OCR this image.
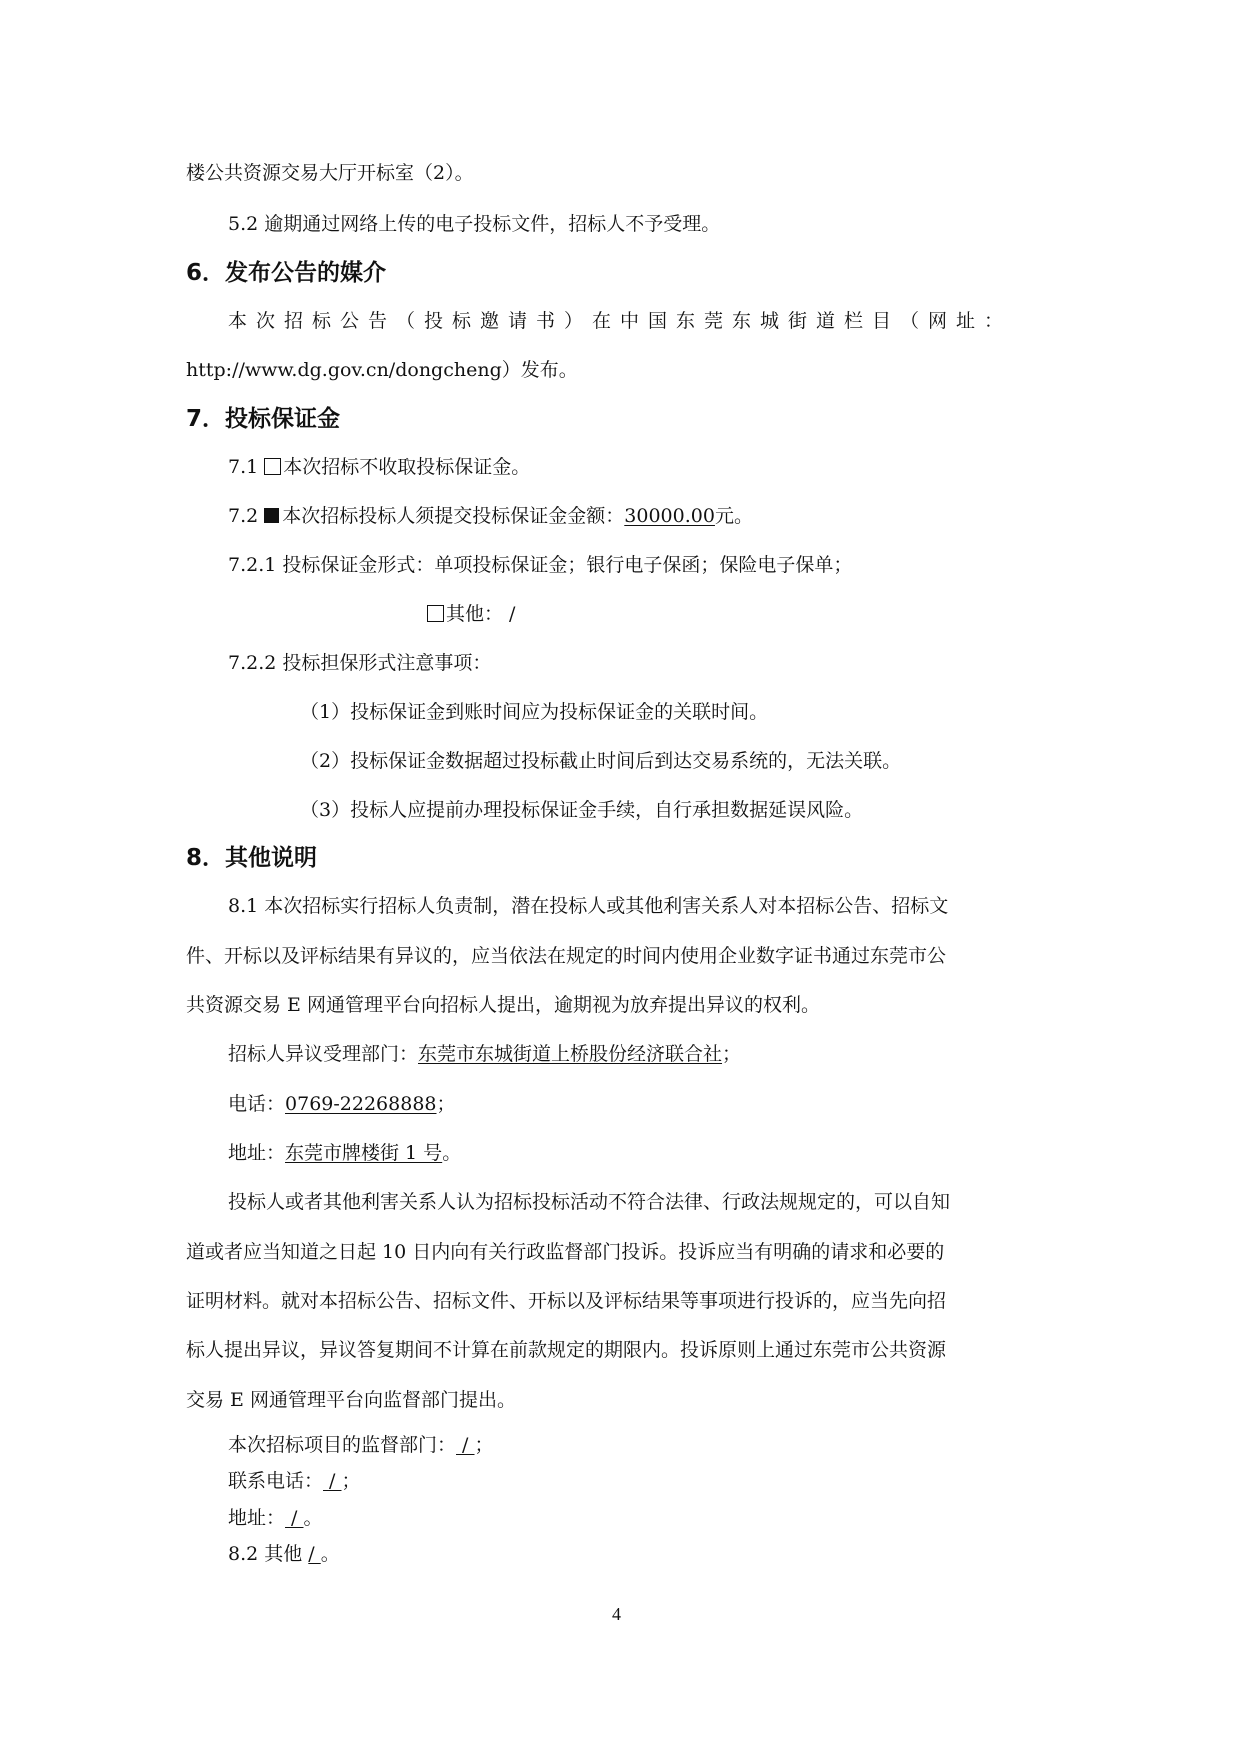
楼公共资源交易大厅开标室（2）。
5.2 逾期通过网络上传的电子投标文件，招标人不予受理。
6．发布公告的媒介
本次招标公告（投标邀请书）在中国东莞东城街道栏目（网址：
http://www.dg.gov.cn/dongcheng）发布。
7．投标保证金
7.1 本次招标不收取投标保证金。
7.2 本次招标投标人须提交投标保证金金额：30000.00元。
7.2.1 投标保证金形式：单项投标保证金；银行电子保函；保险电子保单；
其他： /
7.2.2 投标担保形式注意事项：
（1）投标保证金到账时间应为投标保证金的关联时间。
（2）投标保证金数据超过投标截止时间后到达交易系统的，无法关联。
（3）投标人应提前办理投标保证金手续，自行承担数据延误风险。
8．其他说明
8.1 本次招标实行招标人负责制，潜在投标人或其他利害关系人对本招标公告、招标文
件、开标以及评标结果有异议的，应当依法在规定的时间内使用企业数字证书通过东莞市公
共资源交易 E 网通管理平台向招标人提出，逾期视为放弃提出异议的权利。
招标人异议受理部门：东莞市东城街道上桥股份经济联合社；
电话：0769-22268888；
地址：东莞市牌楼街 1 号。
投标人或者其他利害关系人认为招标投标活动不符合法律、行政法规规定的，可以自知
道或者应当知道之日起 10 日内向有关行政监督部门投诉。投诉应当有明确的请求和必要的
证明材料。就对本招标公告、招标文件、开标以及评标结果等事项进行投诉的，应当先向招
标人提出异议，异议答复期间不计算在前款规定的期限内。投诉原则上通过东莞市公共资源
交易 E 网通管理平台向监督部门提出。
本次招标项目的监督部门： / ；
联系电话： / ；
地址： / 。
8.2 其他 / 。
4
